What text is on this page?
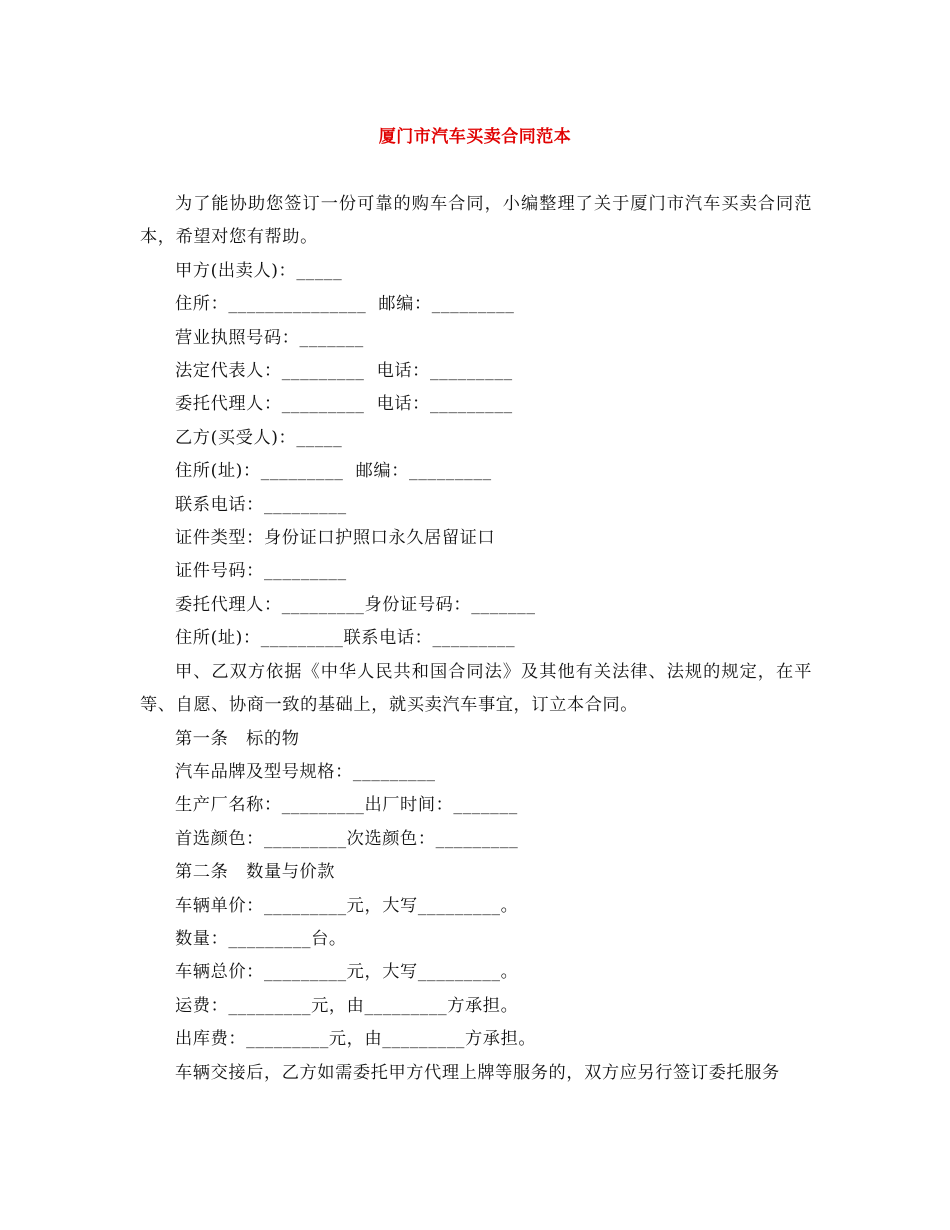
厦门市汽车买卖合同范本

为了能协助您签订一份可靠的购车合同，小编整理了关于厦门市汽车买卖合同范本，希望对您有帮助。

甲方(出卖人)：_____

住所：_______________  邮编：_________

营业执照号码：_______

法定代表人：_________  电话：_________

委托代理人：_________  电话：_________

乙方(买受人)：_____

住所(址)：_________  邮编：_________

联系电话：_________

证件类型：身份证口护照口永久居留证口

证件号码：_________

委托代理人：_________身份证号码：_______

住所(址)：_________联系电话：_________

甲、乙双方依据《中华人民共和国合同法》及其他有关法律、法规的规定，在平等、自愿、协商一致的基础上，就买卖汽车事宜，订立本合同。

第一条　标的物

汽车品牌及型号规格：_________

生产厂名称：_________出厂时间：_______

首选颜色：_________次选颜色：_________

第二条　数量与价款

车辆单价：_________元，大写_________。

数量：_________台。

车辆总价：_________元，大写_________。

运费：_________元，由_________方承担。

出库费：_________元，由_________方承担。

车辆交接后，乙方如需委托甲方代理上牌等服务的，双方应另行签订委托服务
